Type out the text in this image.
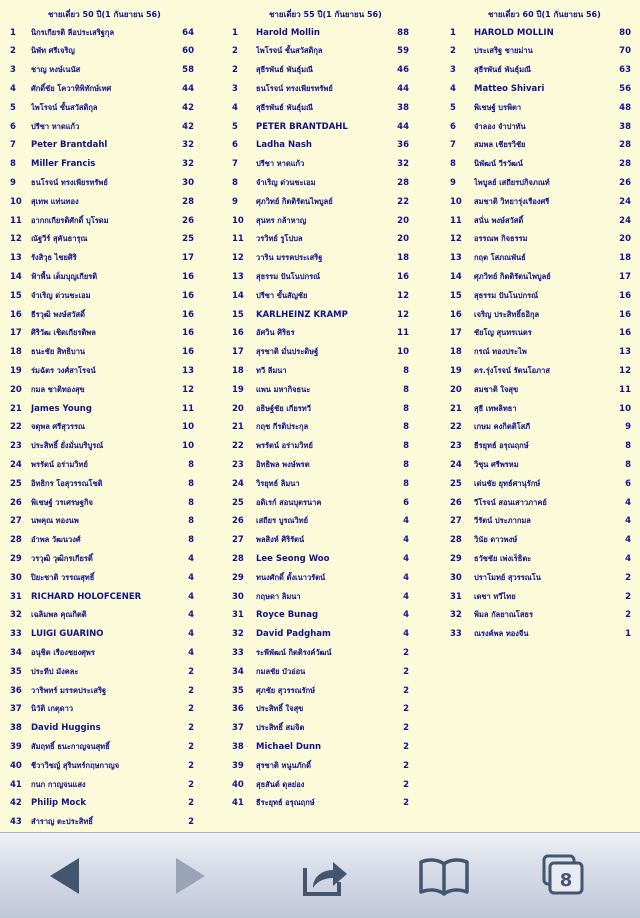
ชายเดี่ยว 50 ปี(1 กันยายน 56)
1	นิกรเกียรติ ลีอประเสริฐกุล	64
2	นิพัท ศรีเจริญ	60
3	ชาญ หงษ์เนนัส	58
4	ศักดิ์ชัย โควาทิพิทักษ์เทศ	44
5	ไพโรจน์ ชั้นสวัสดิกุล	42
6	ปรีชา หาดแก้ว	42
7	Peter Brantdahl	32
8	Miller Francis	32
9	ธนโรจน์ ทรงเพียรทรัพย์	30
10	สุเทพ แท่นทอง	28
11	อากกเกียรติศักดิ์ บุโรดม	26
12	ณัฐวีร์ สุคันธารุณ	25
13	รังสิวุธ ไชยศิริ	17
14	ฟ้าพื้น เต็มบุญเกียรติ	16
15	จำเริญ ด่วนชะเอม	16
16	ธีรวุฒิ พงษ์สวัสดิ์	16
17	ศิริวัฒ เชิดเกียรติพล	16
18	ธนะชัย สิทธิบาน	16
19	ร่มฉัตร วงศ์สาโรจน์	13
20	กมล ชาติทองสุข	12
21	James Young	11
22	จตุพล ศรีสุวรรณ	10
23	ประสิทธิ์ ยั่งมั่นบริบูรณ์	10
24	พรรัตน์ อร่ามวิทย์	8
25	อิทธิกร โอสุวรรณโชติ	8
26	พิเชษฐ์ วรเศรษฐกิจ	8
27	นพคุณ ทองนพ	8
28	อำพล วัฒนวงศ์	8
29	วรวุฒิ วุฒิกรเกียรติ์	4
30	ปิยะชาติ วรรณสุทธิ์	4
31	RICHARD HOLOFCENER	4
32	เฉลิมพล คุณกิตติ	4
33	LUIGI GUARINO	4
34	อนุชิต เรืองชยงศุพร	4
35	ประทีป มังคละ	2
36	วาริพทร์ มรรคประเสริฐ	2
37	นิวัติ เกตุดาว	2
38	David Huggins	2
39	สัมฤทธิ์ ธนะกาญจนสุทธิ์	2
40	ชีวาวิชญ์ สุรินทร์กฤษกาญจ	2
41	กนก กาญจนแสง	2
42	Philip Mock	2
43	สำราญ ตะประสิทธิ์	2
ชายเดี่ยว 55 ปี(1 กันยายน 56)
1	Harold Mollin	88
2	ไพโรจน์ ชั้นสวัสดิกุล	59
2	สุธีรพันธ์ พันธุ์มณี	46
3	ธนโรจน์ ทรงเพียรทรัพย์	44
4	สุธีรพันธ์ พันธุ์มณี	38
5	PETER BRANTDAHL	44
6	Ladha Nash	36
7	ปรีชา หาดแก้ว	32
8	จำเริญ ด่วนชะเอม	28
9	ศุภวิทย์ กิตติรัตนไพบูลย์	22
10	สุนทร กล้าหาญ	20
11	วรวิทย์ รูโปบล	20
12	วาริน มรรคประเสริฐ	18
13	สุธรรม ปันโนปกรณ์	16
14	ปรีชา ขั้นสัญชัย	12
15	KARLHEINZ KRAMP	12
16	อัศวิน ศิริธร	11
17	สุรชาติ มั่นประดิษฐ์	10
18	ทวี ลีมนา	8
19	แพน มหากิจธนะ	8
20	อธิษฐ์ชัย เกียรทวี	8
21	กฤช กีรติประกุล	8
22	พรรัตน์ อร่ามวิทย์	8
23	อิทธิพล พงษ์พรต	8
24	วิรยุทธ์ ลิมนา	8
25	อดิเรก์ สอนบุตรนาค	6
26	เสถียร บูรณวิทย์	4
27	พลสิงห์ ศิริรัตน์	4
28	Lee Seong Woo	4
29	ทนงศักดิ์ ตั้งเนาวรัตน์	4
30	กฤษดา ลิมนา	4
31	Royce Bunag	4
32	David Padgham	4
33	ระพีพัฒน์ กิตติรงค์วัฒน์	2
34	กมลชัย บัวอ่อน	2
35	ศุภชัย สุวรรณรักษ์	2
36	ประสิทธิ์ ใจสุข	2
37	ประสิทธิ์ สมจิต	2
38	Michael Dunn	2
39	สุรชาติ หนูนภักดิ์	2
40	สุธสันต์ ดุลย่อง	2
41	ธีระยุทธ์ อรุณฤกษ์	2
ชายเดี่ยว 60 ปี(1 กันยายน 56)
1	HAROLD MOLLIN	80
2	ประเสริฐ ชายม่าน	70
3	สุธีรพันธ์ พันธุ์มณี	63
4	Matteo Shivari	56
5	พิเชษฐ์ บรพิตา	48
6	จำลอง จำปาทัน	38
7	สมพล เชียรวิชัย	28
8	นิพัฒน์ วีรวัฒน์	28
9	ไพบูลย์ เสถียรปกิจภณท์	26
10	สมชาติ วิทยารุ่งเรืองศรี	24
11	สนั่น พงษ์สวัสดิ์	24
12	อรรณพ กิจธรรม	20
13	กฤต โสภณพันธ์	18
14	ศุภวิทย์ กิตติรัตนไพบูลย์	17
15	สุธรรม ปันโนปกรณ์	16
16	เจริญ ประสิทธิ์ธอิกุล	16
17	ชัยโญ สุนทรเนตร	16
18	กรณ์ ทองประไพ	13
19	ดร.รุ่งโรจน์ รัตนโอภาส	12
20	สมชาติ ใจสุข	11
21	สุธี เทพลิทธา	10
22	เกษม คงกิตติโสภี	9
23	ธีรยุทธ์ อรุณฤกษ์	8
24	วิชุน ศรีพรหม	8
25	เด่นชัย ยุทธ์ศานุรักษ์	6
26	วีโรจน์ สอนเสาวภาคย์	4
27	วีรัตน์ ประภากมล	4
28	วินัย ดาวพงษ์	4
29	ธวัชชัย เพ่งเร็ธิตะ	4
30	ปราโมทย์ สุวรรณโน	2
31	เดชา ทวีไทย	2
32	พิมล กัลยาณโสธร	2
33	ณรงค์พล ทองจีน	1
8
